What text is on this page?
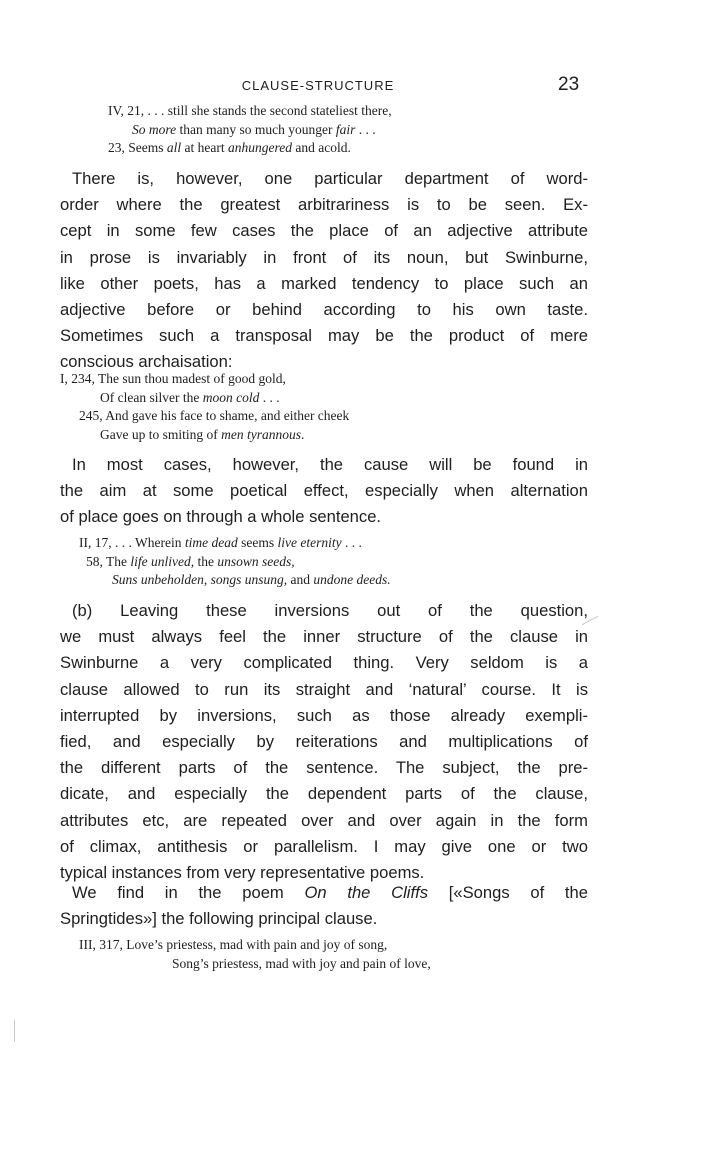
CLAUSE-STRUCTURE	23
IV, 21, . . . still she stands the second stateliest there,
So more than many so much younger fair . . .
23, Seems all at heart anhungered and acold.
There is, however, one particular department of word-
order where the greatest arbitrariness is to be seen. Ex-
cept in some few cases the place of an adjective attribute
in prose is invariably in front of its noun, but Swinburne,
like other poets, has a marked tendency to place such an
adjective before or behind according to his own taste.
Sometimes such a transposal may be the product of mere
conscious archaisation:
I, 234, The sun thou madest of good gold,
Of clean silver the moon cold . . .
245, And gave his face to shame, and either cheek
Gave up to smiting of men tyrannous.
In most cases, however, the cause will be found in
the aim at some poetical effect, especially when alternation
of place goes on through a whole sentence.
II, 17, . . . Wherein time dead seems live eternity . . .
58, The life unlived, the unsown seeds,
Suns unbeholden, songs unsung, and undone deeds.
(b) Leaving these inversions out of the question,
we must always feel the inner structure of the clause in
Swinburne a very complicated thing. Very seldom is a
clause allowed to run its straight and ‘natural’ course. It is
interrupted by inversions, such as those already exempli-
fied, and especially by reiterations and multiplications of
the different parts of the sentence. The subject, the pre-
dicate, and especially the dependent parts of the clause,
attributes etc, are repeated over and over again in the form
of climax, antithesis or parallelism. I may give one or two
typical instances from very representative poems.
We find in the poem On the Cliffs [«Songs of the
Springtides»] the following principal clause.
III, 317, Love’s priestess, mad with pain and joy of song,
Song’s priestess, mad with joy and pain of love,
